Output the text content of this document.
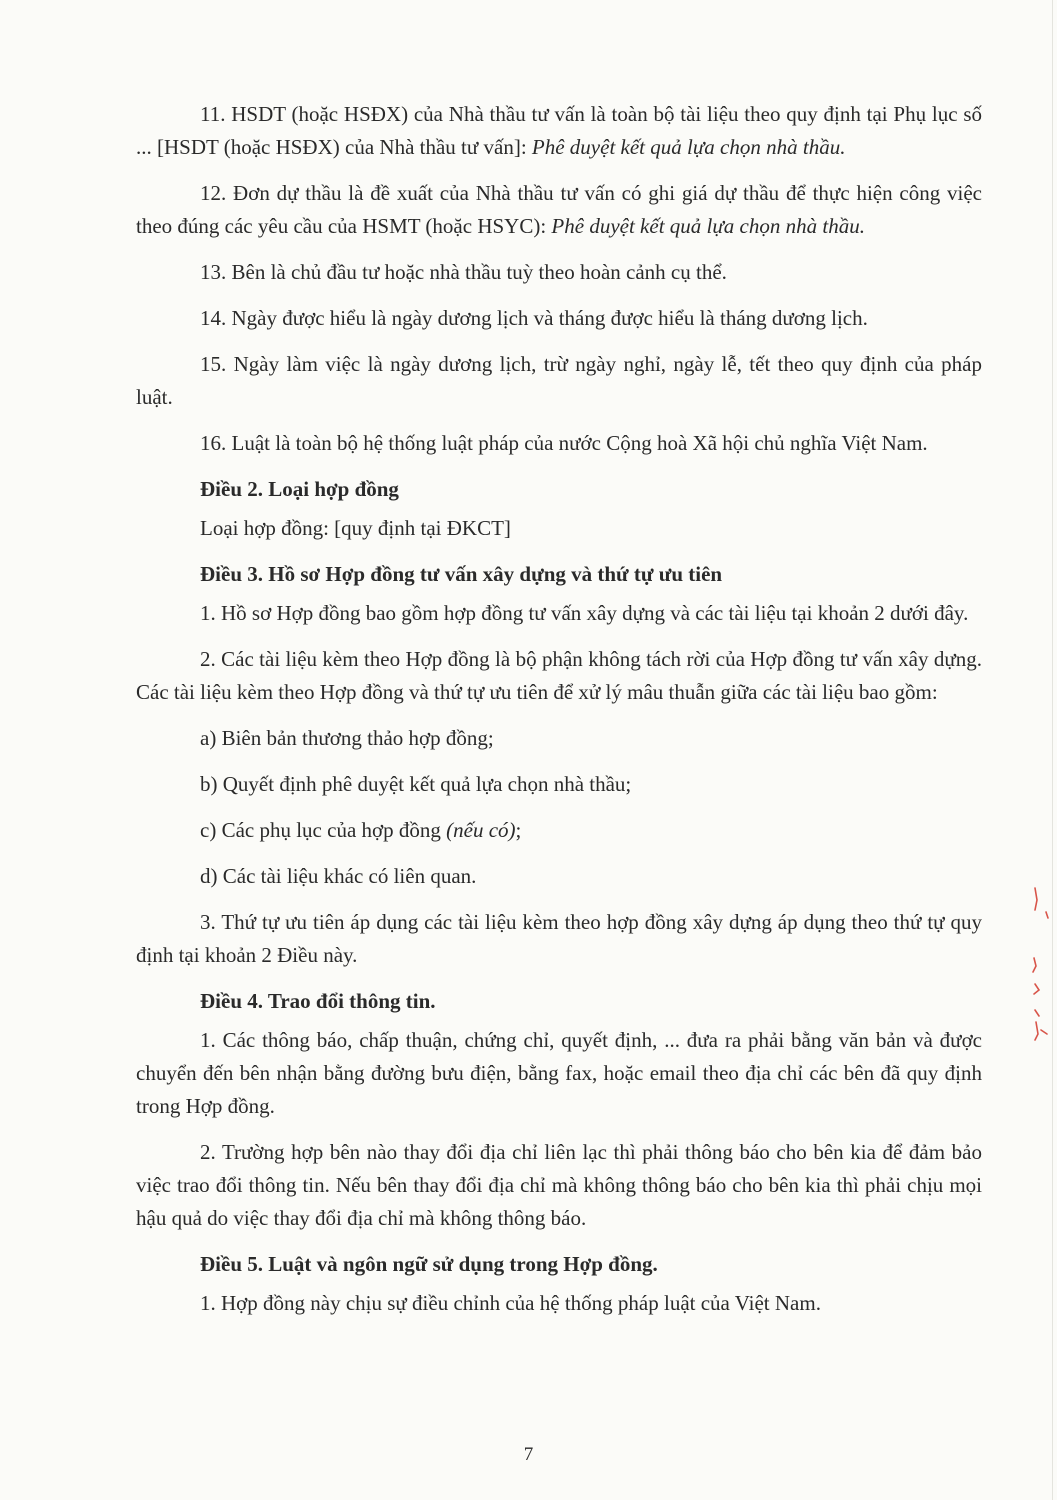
11. HSDT (hoặc HSĐX) của Nhà thầu tư vấn là toàn bộ tài liệu theo quy định tại Phụ lục số ... [HSDT (hoặc HSĐX) của Nhà thầu tư vấn]: Phê duyệt kết quả lựa chọn nhà thầu.

12. Đơn dự thầu là đề xuất của Nhà thầu tư vấn có ghi giá dự thầu để thực hiện công việc theo đúng các yêu cầu của HSMT (hoặc HSYC): Phê duyệt kết quả lựa chọn nhà thầu.

13. Bên là chủ đầu tư hoặc nhà thầu tuỳ theo hoàn cảnh cụ thể.

14. Ngày được hiểu là ngày dương lịch và tháng được hiểu là tháng dương lịch.

15. Ngày làm việc là ngày dương lịch, trừ ngày nghỉ, ngày lễ, tết theo quy định của pháp luật.

16. Luật là toàn bộ hệ thống luật pháp của nước Cộng hoà Xã hội chủ nghĩa Việt Nam.

Điều 2. Loại hợp đồng

Loại hợp đồng: [quy định tại ĐKCT]

Điều 3. Hồ sơ Hợp đồng tư vấn xây dựng và thứ tự ưu tiên

1. Hồ sơ Hợp đồng bao gồm hợp đồng tư vấn xây dựng và các tài liệu tại khoản 2 dưới đây.

2. Các tài liệu kèm theo Hợp đồng là bộ phận không tách rời của Hợp đồng tư vấn xây dựng. Các tài liệu kèm theo Hợp đồng và thứ tự ưu tiên để xử lý mâu thuẫn giữa các tài liệu bao gồm:

a) Biên bản thương thảo hợp đồng;

b) Quyết định phê duyệt kết quả lựa chọn nhà thầu;

c) Các phụ lục của hợp đồng (nếu có);

d) Các tài liệu khác có liên quan.

3. Thứ tự ưu tiên áp dụng các tài liệu kèm theo hợp đồng xây dựng áp dụng theo thứ tự quy định tại khoản 2 Điều này.

Điều 4. Trao đổi thông tin.

1. Các thông báo, chấp thuận, chứng chỉ, quyết định, ... đưa ra phải bằng văn bản và được chuyển đến bên nhận bằng đường bưu điện, bằng fax, hoặc email theo địa chỉ các bên đã quy định trong Hợp đồng.

2. Trường hợp bên nào thay đổi địa chỉ liên lạc thì phải thông báo cho bên kia để đảm bảo việc trao đổi thông tin. Nếu bên thay đổi địa chỉ mà không thông báo cho bên kia thì phải chịu mọi hậu quả do việc thay đổi địa chỉ mà không thông báo.

Điều 5. Luật và ngôn ngữ sử dụng trong Hợp đồng.

1. Hợp đồng này chịu sự điều chỉnh của hệ thống pháp luật của Việt Nam.

7
